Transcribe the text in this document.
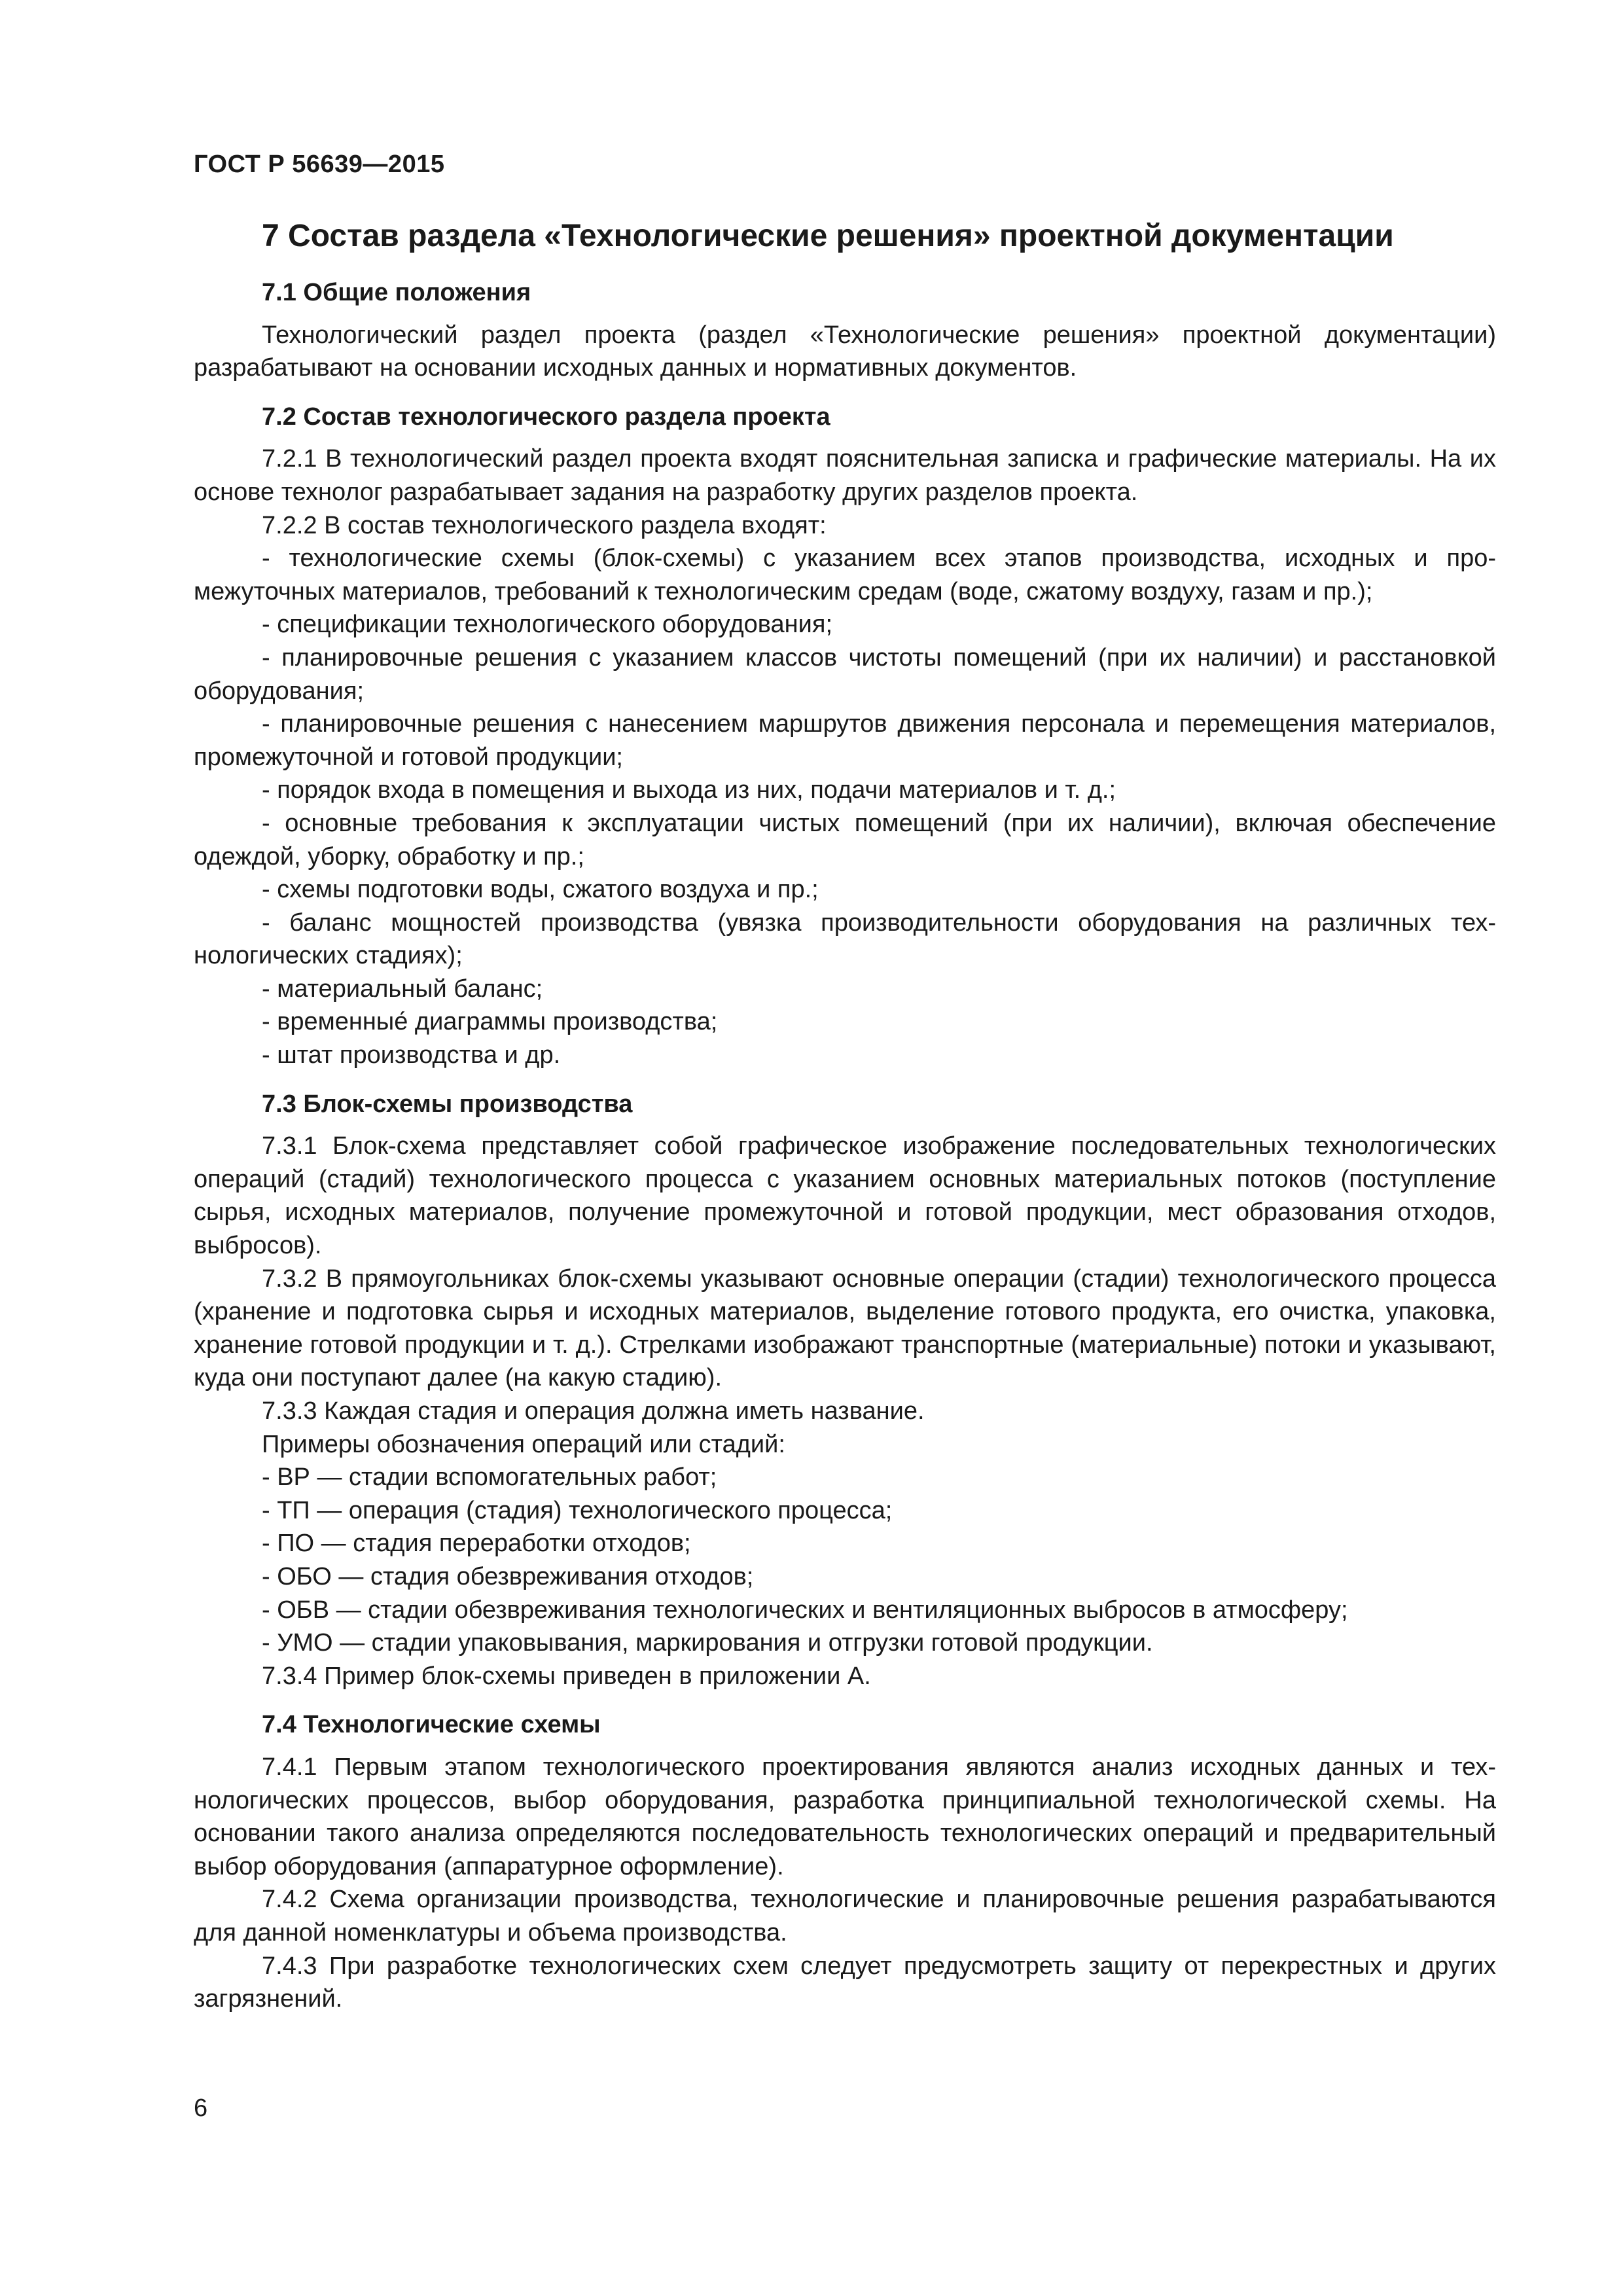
ГОСТ Р 56639—2015
7 Состав раздела «Технологические решения» проектной документации
7.1 Общие положения

Технологический раздел проекта (раздел «Технологические решения» проектной документации) разрабатывают на основании исходных данных и нормативных документов.

7.2 Состав технологического раздела проекта

7.2.1 В технологический раздел проекта входят пояснительная записка и графические материалы. На их основе технолог разрабатывает задания на разработку других разделов проекта.

7.2.2 В состав технологического раздела входят:

- технологические схемы (блок-схемы) с указанием всех этапов производства, исходных и промежуточных материалов, требований к технологическим средам (воде, сжатому воздуху, газам и пр.);

- спецификации технологического оборудования;

- планировочные решения с указанием классов чистоты помещений (при их наличии) и расстановкой оборудования;

- планировочные решения с нанесением маршрутов движения персонала и перемещения материалов, промежуточной и готовой продукции;

- порядок входа в помещения и выхода из них, подачи материалов и т. д.;

- основные требования к эксплуатации чистых помещений (при их наличии), включая обеспечение одеждой, уборку, обработку и пр.;

- схемы подготовки воды, сжатого воздуха и пр.;

- баланс мощностей производства (увязка производительности оборудования на различных технологических стадиях);

- материальный баланс;

- временные́ диаграммы производства;

- штат производства и др.

7.3 Блок-схемы производства

7.3.1 Блок-схема представляет собой графическое изображение последовательных технологических операций (стадий) технологического процесса с указанием основных материальных потоков (поступление сырья, исходных материалов, получение промежуточной и готовой продукции, мест образования отходов, выбросов).

7.3.2 В прямоугольниках блок-схемы указывают основные операции (стадии) технологического процесса (хранение и подготовка сырья и исходных материалов, выделение готового продукта, его очистка, упаковка, хранение готовой продукции и т. д.). Стрелками изображают транспортные (материальные) потоки и указывают, куда они поступают далее (на какую стадию).

7.3.3 Каждая стадия и операция должна иметь название.

Примеры обозначения операций или стадий:

- ВР — стадии вспомогательных работ;

- ТП — операция (стадия) технологического процесса;

- ПО — стадия переработки отходов;

- ОБО — стадия обезвреживания отходов;

- ОБВ — стадии обезвреживания технологических и вентиляционных выбросов в атмосферу;

- УМО — стадии упаковывания, маркирования и отгрузки готовой продукции.

7.3.4 Пример блок-схемы приведен в приложении А.

7.4 Технологические схемы

7.4.1 Первым этапом технологического проектирования являются анализ исходных данных и технологических процессов, выбор оборудования, разработка принципиальной технологической схемы. На основании такого анализа определяются последовательность технологических операций и предварительный выбор оборудования (аппаратурное оформление).

7.4.2 Схема организации производства, технологические и планировочные решения разрабатываются для данной номенклатуры и объема производства.

7.4.3 При разработке технологических схем следует предусмотреть защиту от перекрестных и других загрязнений.

6
